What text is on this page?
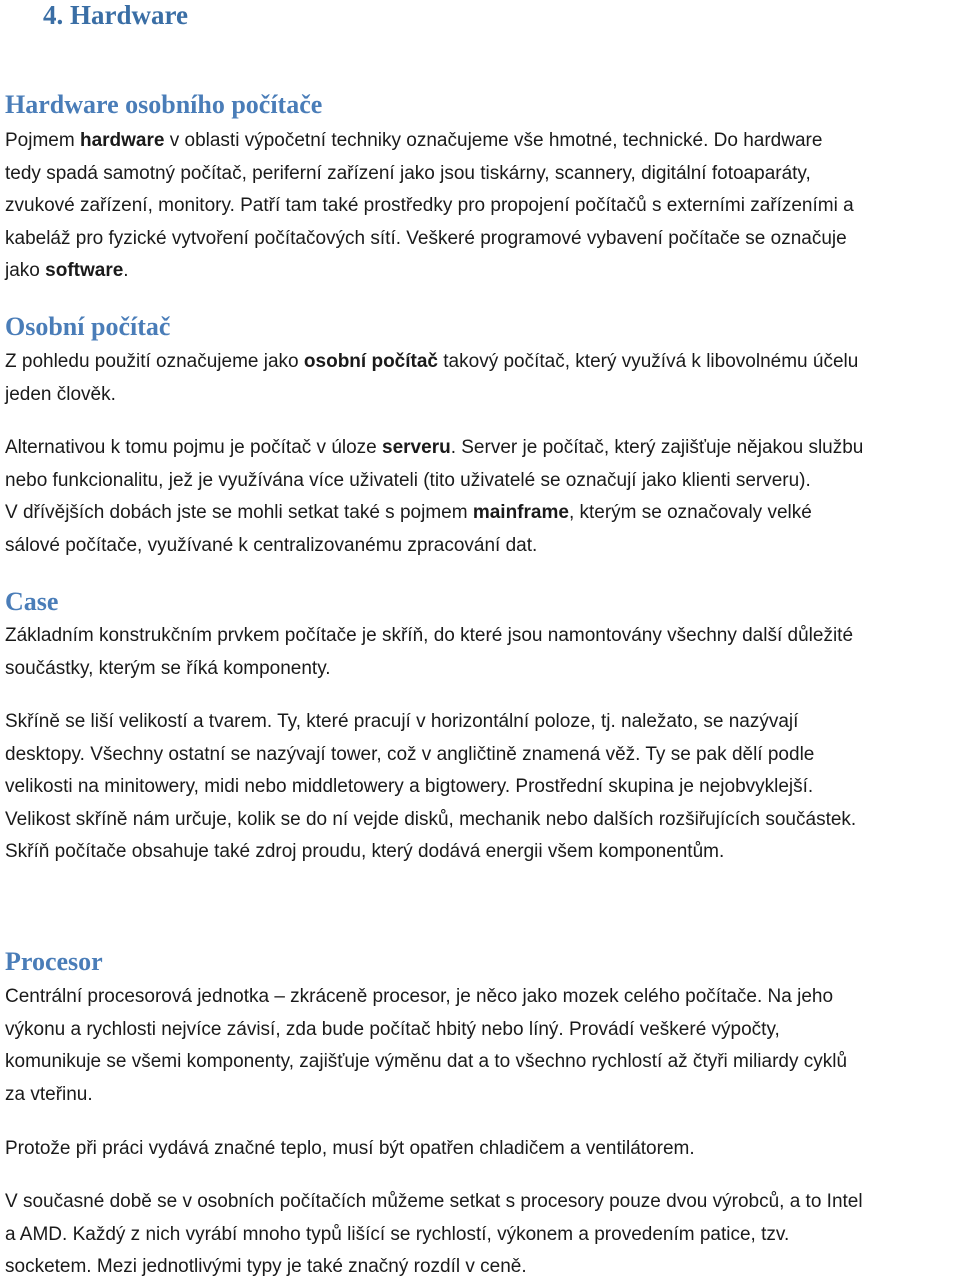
4. Hardware
Hardware osobního počítače

Pojmem hardware v oblasti výpočetní techniky označujeme vše hmotné, technické. Do hardware
tedy spadá samotný počítač, periferní zařízení jako jsou tiskárny, scannery, digitální fotoaparáty,
zvukové zařízení, monitory. Patří tam také prostředky pro propojení počítačů s externími zařízeními a
kabeláž pro fyzické vytvoření počítačových sítí. Veškeré programové vybavení počítače se označuje
jako software.

Osobní počítač

Z pohledu použití označujeme jako osobní počítač takový počítač, který využívá k libovolnému účelu
jeden člověk.

Alternativou k tomu pojmu je počítač v úloze serveru. Server je počítač, který zajišťuje nějakou službu
nebo funkcionalitu, jež je využívána více uživateli (tito uživatelé se označují jako klienti serveru).
V dřívějších dobách jste se mohli setkat také s pojmem mainframe, kterým se označovaly velké
sálové počítače, využívané k centralizovanému zpracování dat.

Case

Základním konstrukčním prvkem počítače je skříň, do které jsou namontovány všechny další důležité
součástky, kterým se říká komponenty.

Skříně se liší velikostí a tvarem. Ty, které pracují v horizontální poloze, tj. naležato, se nazývají
desktopy. Všechny ostatní se nazývají tower, což v angličtině znamená věž. Ty se pak dělí podle
velikosti na minitowery, midi nebo middletowery a bigtowery. Prostřední skupina je nejobvyklejší.
Velikost skříně nám určuje, kolik se do ní vejde disků, mechanik nebo dalších rozšiřujících součástek.
Skříň počítače obsahuje také zdroj proudu, který dodává energii všem komponentům.

Procesor

Centrální procesorová jednotka – zkráceně procesor, je něco jako mozek celého počítače. Na jeho
výkonu a rychlosti nejvíce závisí, zda bude počítač hbitý nebo líný. Provádí veškeré výpočty,
komunikuje se všemi komponenty, zajišťuje výměnu dat a to všechno rychlostí až čtyři miliardy cyklů
za vteřinu.

Protože při práci vydává značné teplo, musí být opatřen chladičem a ventilátorem.

V současné době se v osobních počítačích můžeme setkat s procesory pouze dvou výrobců, a to Intel
a AMD. Každý z nich vyrábí mnoho typů lišící se rychlostí, výkonem a provedením patice, tzv.
socketem. Mezi jednotlivými typy je také značný rozdíl v ceně.
